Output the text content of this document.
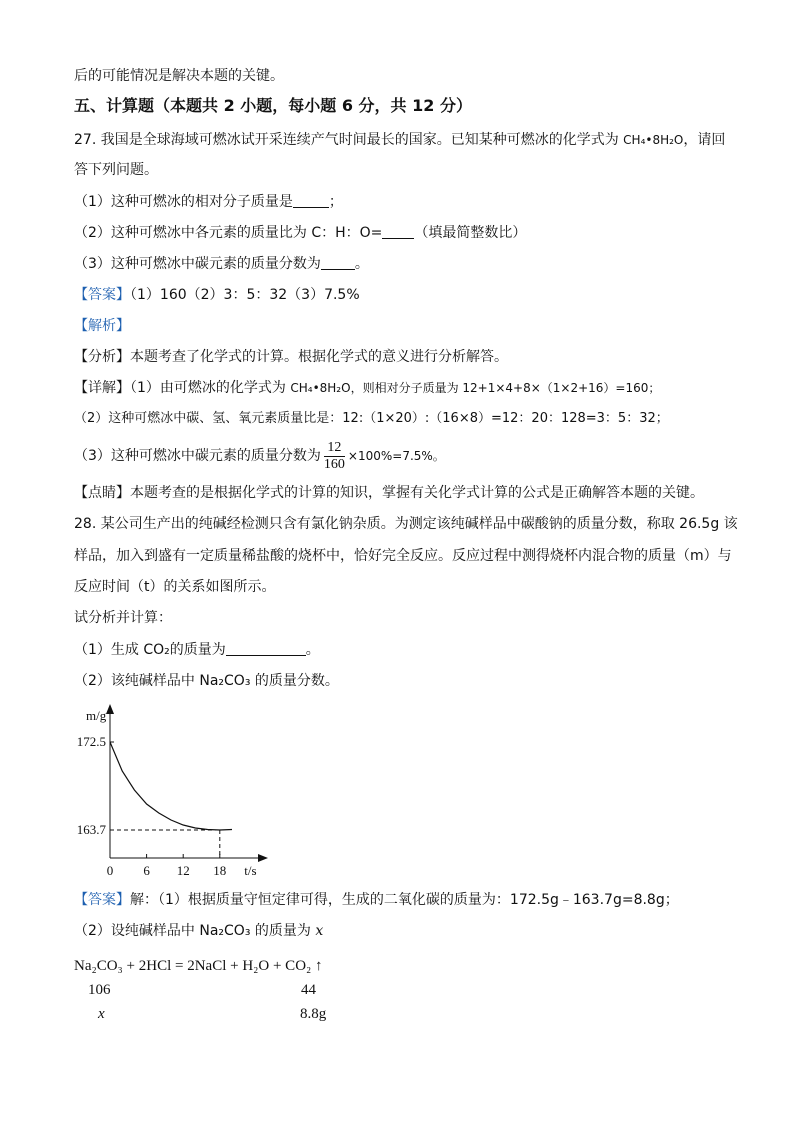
后的可能情况是解决本题的关键。
五、计算题（本题共 2 小题，每小题 6 分，共 12 分）
27. 我国是全球海域可燃冰试开采连续产气时间最长的国家。已知某种可燃冰的化学式为 CH₄•8H₂O，请回
答下列问题。
（1）这种可燃冰的相对分子质量是	；
（2）这种可燃冰中各元素的质量比为 C：H：O= （填最简整数比）
（3）这种可燃冰中碳元素的质量分数为 。
【答案】（1）160（2）3：5：32（3）7.5%
【解析】
【分析】本题考查了化学式的计算。根据化学式的意义进行分析解答。
【详解】（1）由可燃冰的化学式为 CH₄•8H₂O，则相对分子质量为 12+1×4+8×（1×2+16）=160；
（2）这种可燃冰中碳、氢、氧元素质量比是：12:（1×20）:（16×8）=12：20：128=3：5：32；
（3）这种可燃冰中碳元素的质量分数为 $\frac{12}{160} \times 100\%=7.5\%$。
【点睛】本题考查的是根据化学式的计算的知识，掌握有关化学式计算的公式是正确解答本题的关键。
28. 某公司生产出的纯碱经检测只含有氯化钠杂质。为测定该纯碱样品中碳酸钠的质量分数，称取 26.5g 该
样品，加入到盛有一定质量稀盐酸的烧杯中，恰好完全反应。反应过程中测得烧杯内混合物的质量（m）与
反应时间（t）的关系如图所示。
试分析并计算：
（1）生成 CO₂的质量为	。
（2）该纯碱样品中 Na₂CO₃ 的质量分数。
m/g
t/s
172.5
163.7
0 6 12 18
【答案】解：（1）根据质量守恒定律可得，生成的二氧化碳的质量为：172.5g﹣163.7g=8.8g；
（2）设纯碱样品中 Na₂CO₃ 的质量为 x
Na₂CO₃ + 2HCl = 2NaCl + H₂O + CO₂ ↑
106	44
x	8.8g
